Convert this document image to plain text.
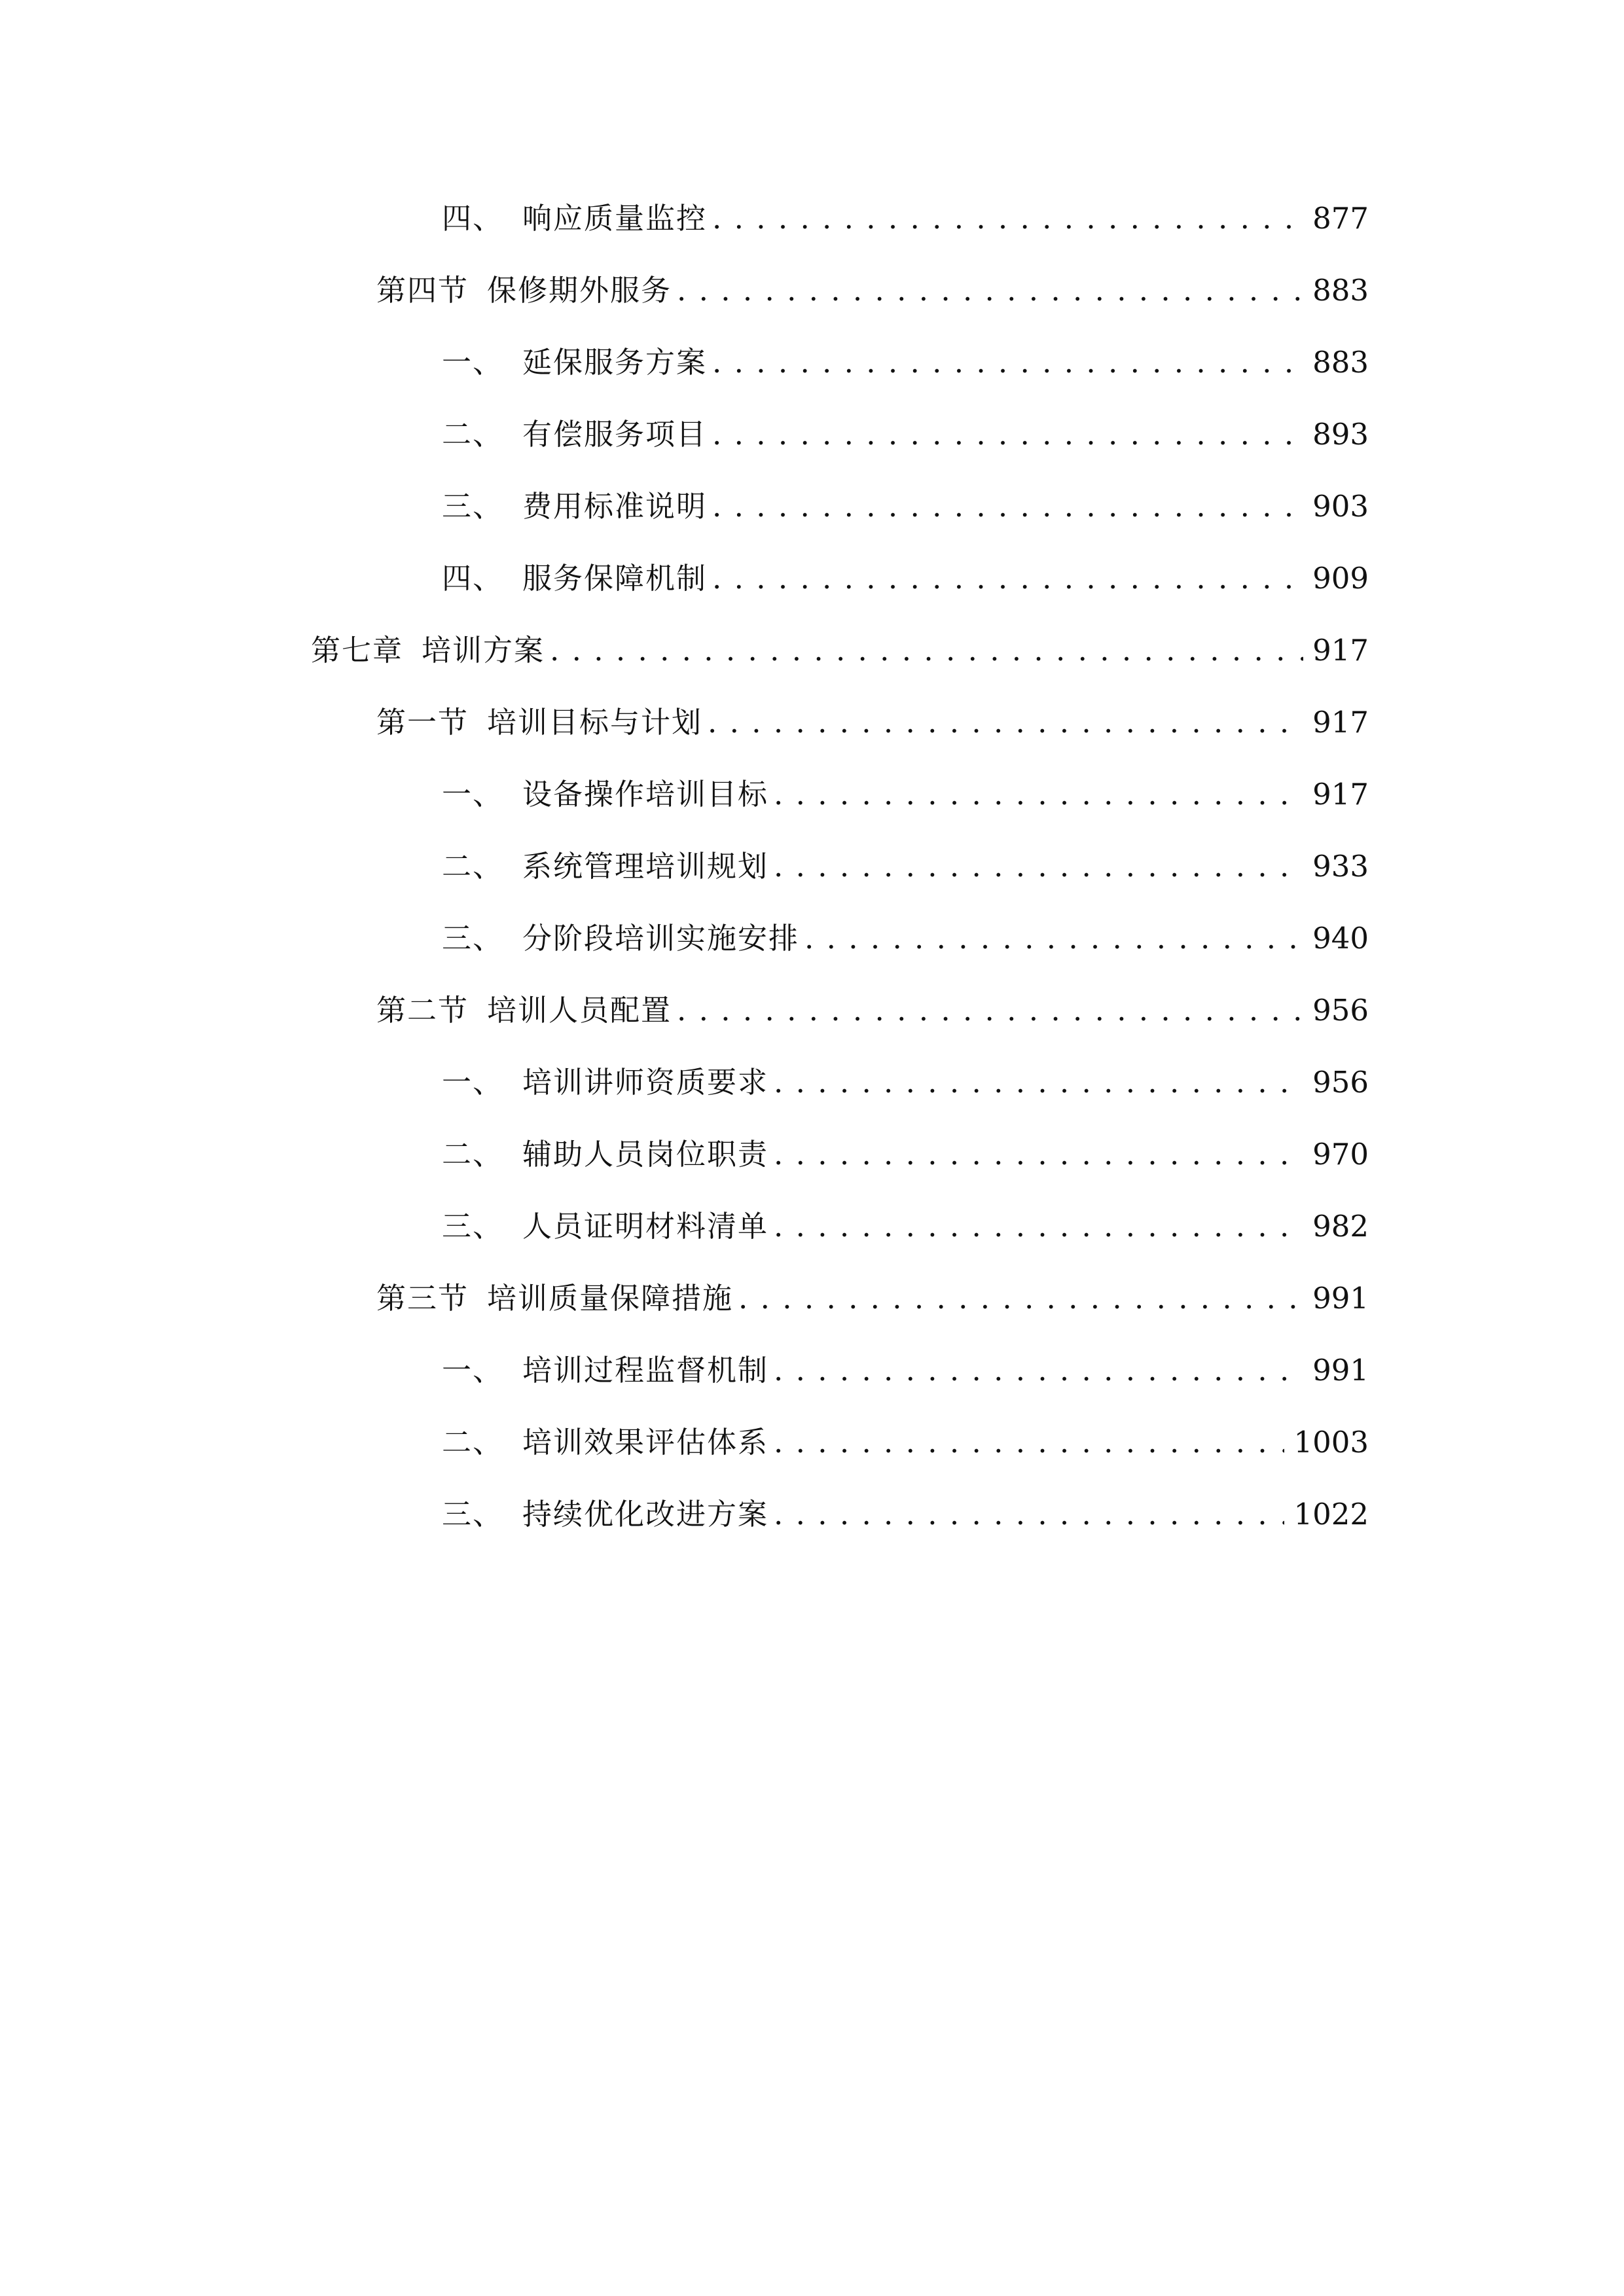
四、 响应质量监控 . . .	877
第四节 保修期外服务 . . .	883
一、 延保服务方案 . . .	883
二、 有偿服务项目 . . .	893
三、 费用标准说明 . . .	903
四、 服务保障机制 . . .	909
第七章 培训方案 . . .	917
第一节 培训目标与计划 . . .	917
一、 设备操作培训目标 . . .	917
二、 系统管理培训规划 . . .	933
三、 分阶段培训实施安排 . . .	940
第二节 培训人员配置 . . .	956
一、 培训讲师资质要求 . . .	956
二、 辅助人员岗位职责 . . .	970
三、 人员证明材料清单 . . .	982
第三节 培训质量保障措施 . . .	991
一、 培训过程监督机制 . . .	991
二、 培训效果评估体系 . . .	1003
三、 持续优化改进方案 . . .	1022
